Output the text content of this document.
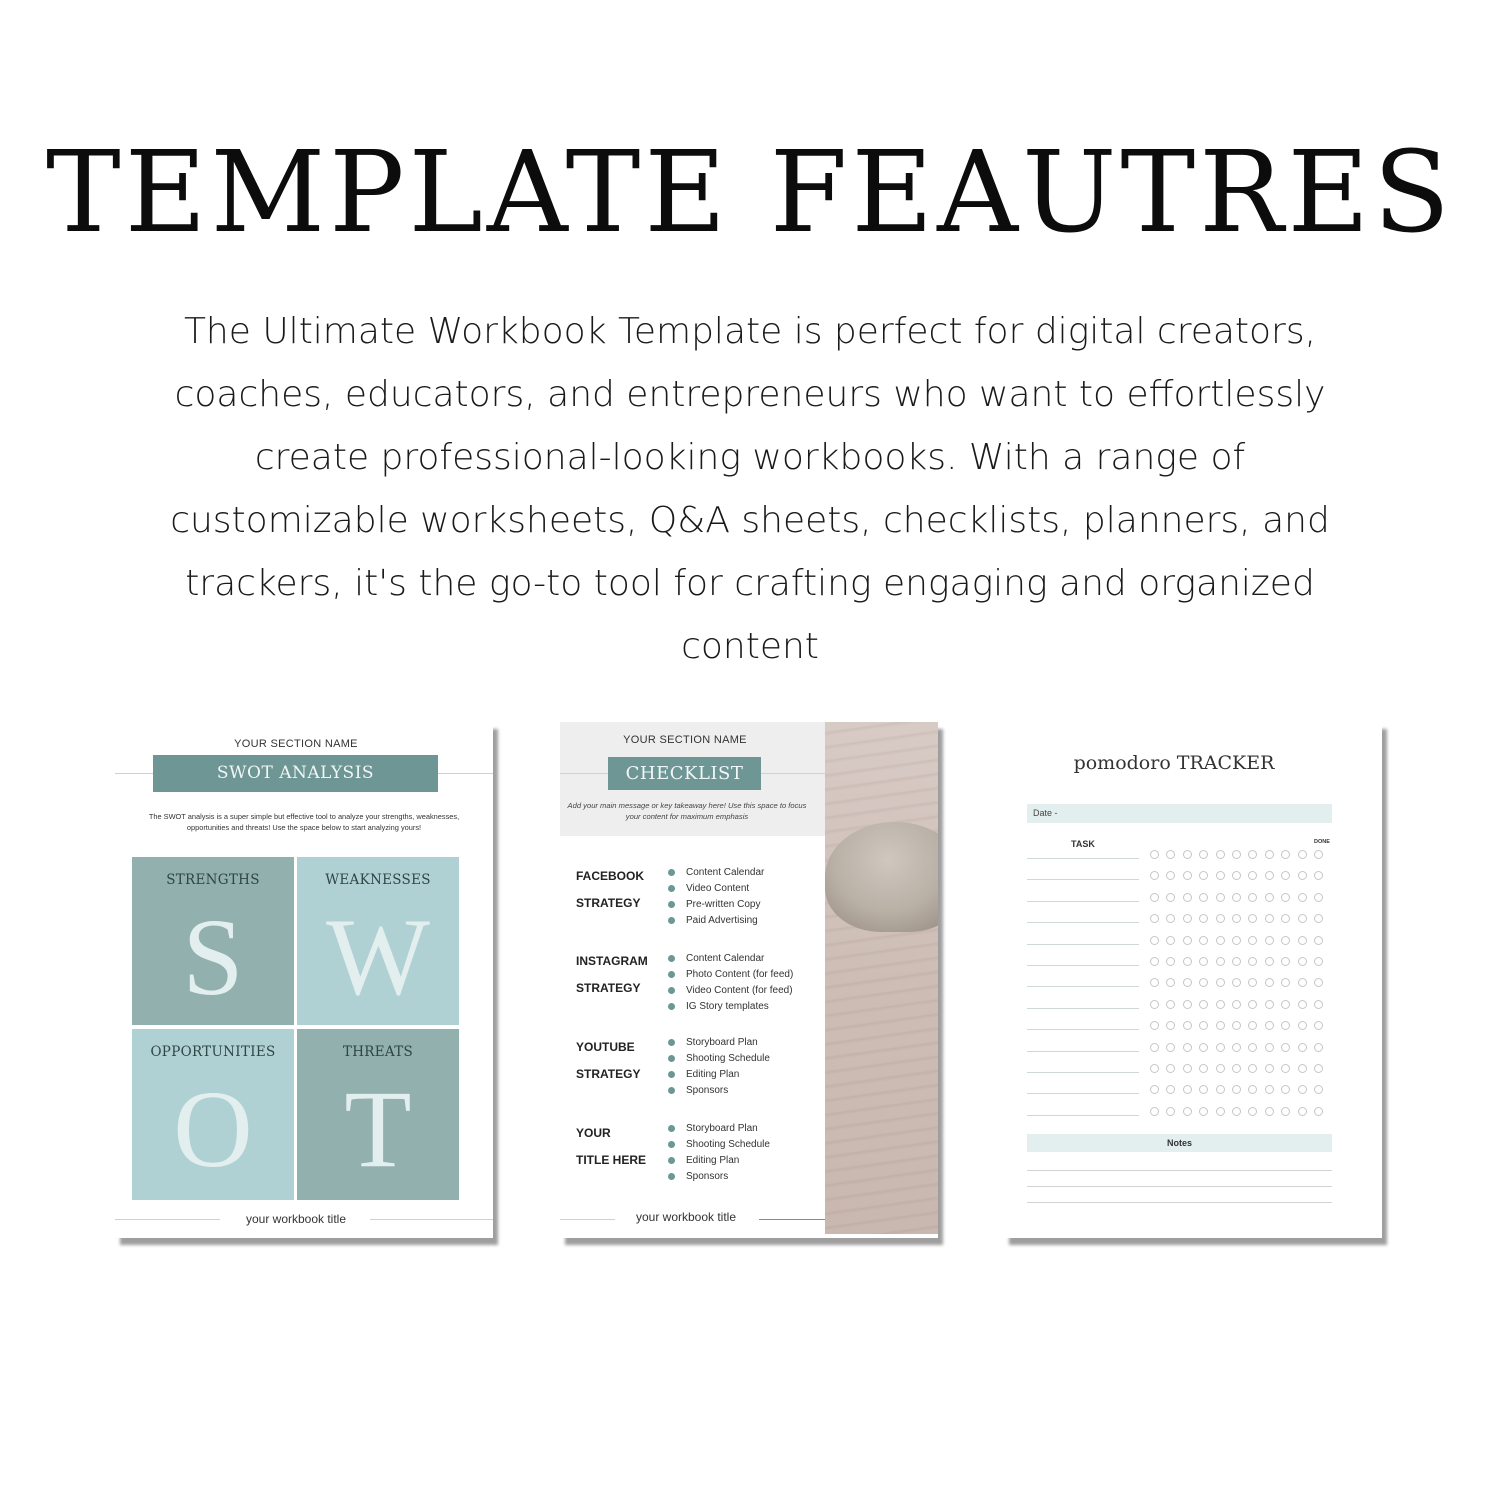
TEMPLATE FEAUTRES
The Ultimate Workbook Template is perfect for digital creators, coaches, educators, and entrepreneurs who want to effortlessly create professional-looking workbooks. With a range of customizable worksheets, Q&A sheets, checklists, planners, and trackers, it's the go-to tool for crafting engaging and organized content
YOUR SECTION NAME
SWOT ANALYSIS
The SWOT analysis is a super simple but effective tool to analyze your strengths, weaknesses, opportunities and threats! Use the space below to start analyzing yours!
STRENGTHS
S
WEAKNESSES
W
OPPORTUNITIES
O
THREATS
T
your workbook title
YOUR SECTION NAME
CHECKLIST
Add your main message or key takeaway here! Use this space to focus your content for maximum emphasis
FACEBOOK
STRATEGY
Content Calendar
Video Content
Pre-written Copy
Paid Advertising
INSTAGRAM
STRATEGY
Content Calendar
Photo Content (for feed)
Video Content (for feed)
IG Story templates
YOUTUBE
STRATEGY
Storyboard Plan
Shooting Schedule
Editing Plan
Sponsors
YOUR
TITLE HERE
Storyboard Plan
Shooting Schedule
Editing Plan
Sponsors
your workbook title
pomodoro TRACKER
Date -
TASK	DONE
Notes
